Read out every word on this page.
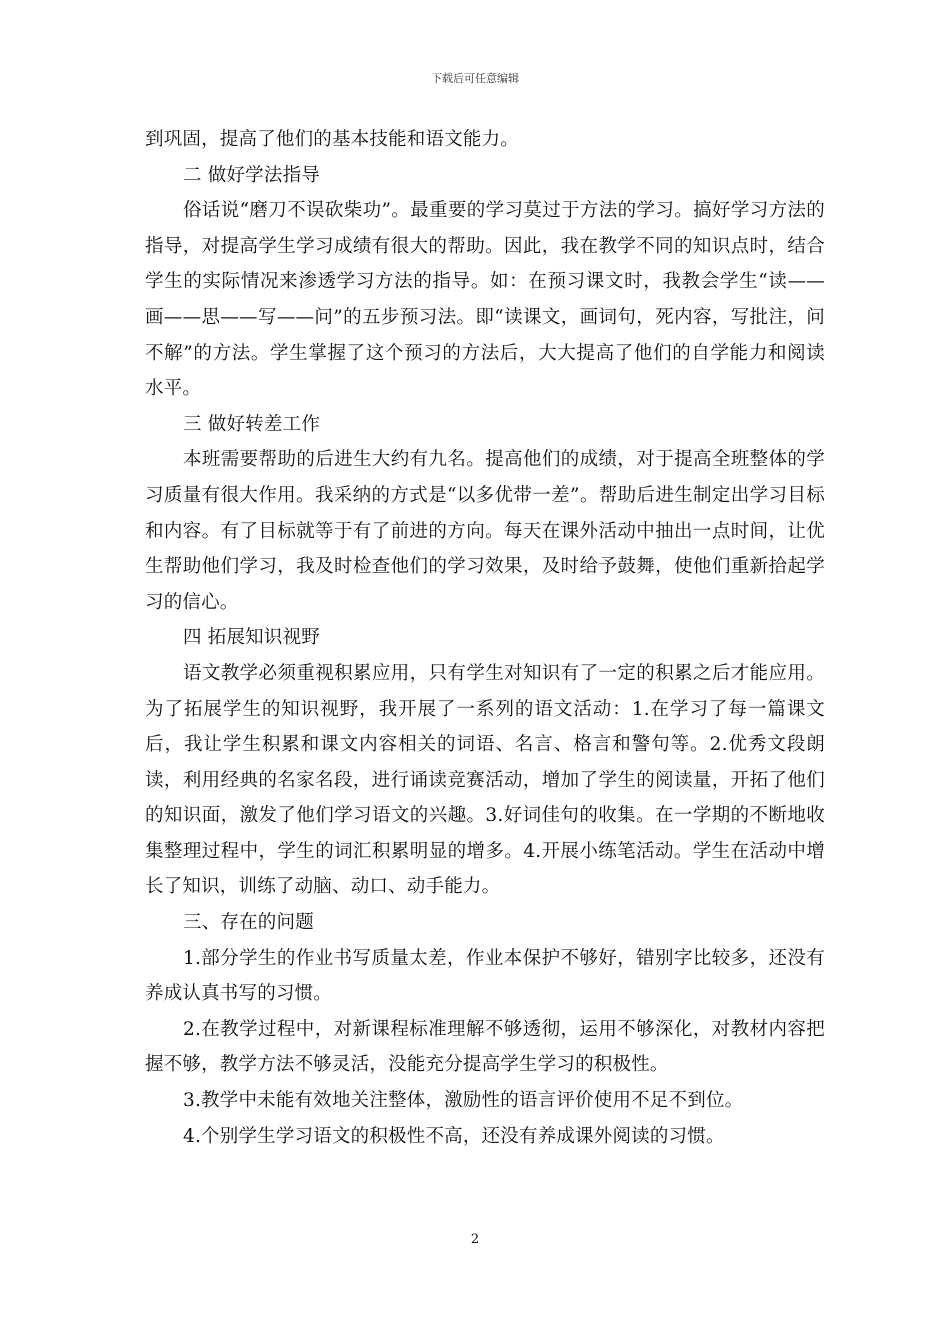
下载后可任意编辑

到巩固，提高了他们的基本技能和语文能力。

二 做好学法指导

俗话说“磨刀不误砍柴功”。最重要的学习莫过于方法的学习。搞好学习方法的指导，对提高学生学习成绩有很大的帮助。因此，我在教学不同的知识点时，结合学生的实际情况来渗透学习方法的指导。如：在预习课文时，我教会学生“读——画——思——写——问”的五步预习法。即“读课文，画词句，死内容，写批注，问不解”的方法。学生掌握了这个预习的方法后，大大提高了他们的自学能力和阅读水平。

三 做好转差工作

本班需要帮助的后进生大约有九名。提高他们的成绩，对于提高全班整体的学习质量有很大作用。我采纳的方式是“以多优带一差”。帮助后进生制定出学习目标和内容。有了目标就等于有了前进的方向。每天在课外活动中抽出一点时间，让优生帮助他们学习，我及时检查他们的学习效果，及时给予鼓舞，使他们重新拾起学习的信心。

四 拓展知识视野

语文教学必须重视积累应用，只有学生对知识有了一定的积累之后才能应用。为了拓展学生的知识视野，我开展了一系列的语文活动：1.在学习了每一篇课文后，我让学生积累和课文内容相关的词语、名言、格言和警句等。2.优秀文段朗读，利用经典的名家名段，进行诵读竞赛活动，增加了学生的阅读量，开拓了他们的知识面，激发了他们学习语文的兴趣。3.好词佳句的收集。在一学期的不断地收集整理过程中，学生的词汇积累明显的增多。4.开展小练笔活动。学生在活动中增长了知识，训练了动脑、动口、动手能力。

三、存在的问题

1.部分学生的作业书写质量太差，作业本保护不够好，错别字比较多，还没有养成认真书写的习惯。

2.在教学过程中，对新课程标准理解不够透彻，运用不够深化，对教材内容把握不够，教学方法不够灵活，没能充分提高学生学习的积极性。

3.教学中未能有效地关注整体，激励性的语言评价使用不足不到位。

4.个别学生学习语文的积极性不高，还没有养成课外阅读的习惯。

2
